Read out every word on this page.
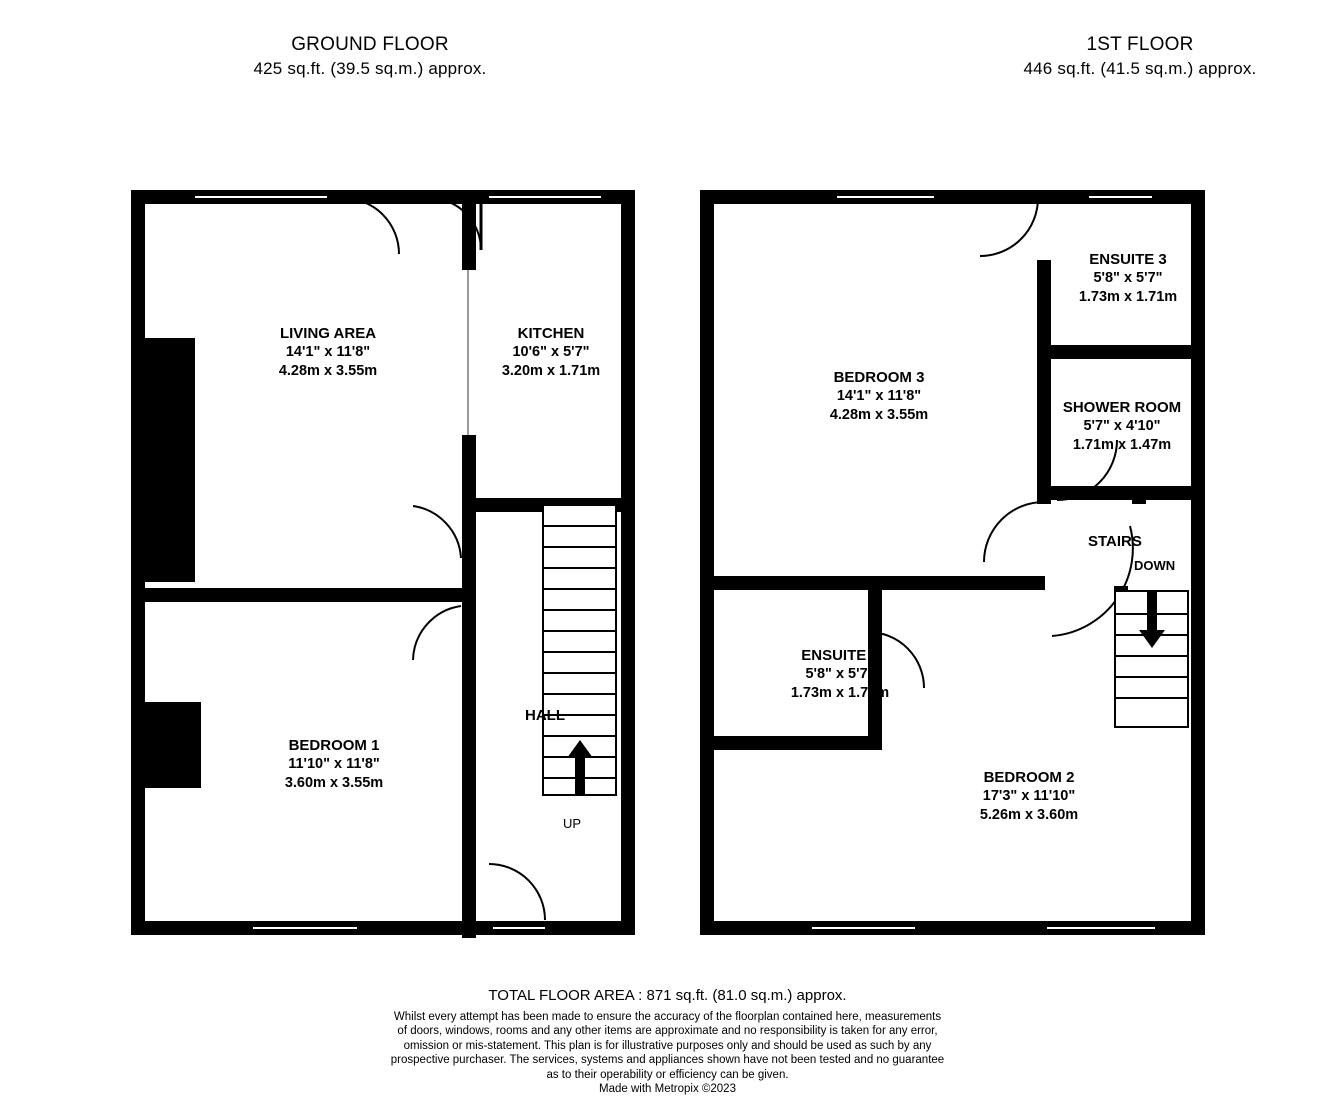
GROUND FLOOR
425 sq.ft. (39.5 sq.m.) approx.
1ST FLOOR
446 sq.ft. (41.5 sq.m.) approx.
LIVING AREA
14'1" x 11'8"
4.28m x 3.55m
KITCHEN
10'6" x 5'7"
3.20m x 1.71m
BEDROOM 1
11'10" x 11'8"
3.60m x 3.55m
HALL
UP
ENSUITE 3
5'8" x 5'7"
1.73m x 1.71m
BEDROOM 3
14'1" x 11'8"
4.28m x 3.55m	SHOWER ROOM
5'7" x 4'10"
1.71m x 1.47m
ENSUITE 2
5'8" x 5'7"
1.73m x 1.71m
BEDROOM 2
17'3" x 11'10"
5.26m x 3.60m
STAIRS
DOWN
TOTAL FLOOR AREA : 871 sq.ft. (81.0 sq.m.) approx.
Whilst every attempt has been made to ensure the accuracy of the floorplan contained here, measurements
of doors, windows, rooms and any other items are approximate and no responsibility is taken for any error,
omission or mis-statement. This plan is for illustrative purposes only and should be used as such by any
prospective purchaser. The services, systems and appliances shown have not been tested and no guarantee
as to their operability or efficiency can be given.
Made with Metropix ©2023
